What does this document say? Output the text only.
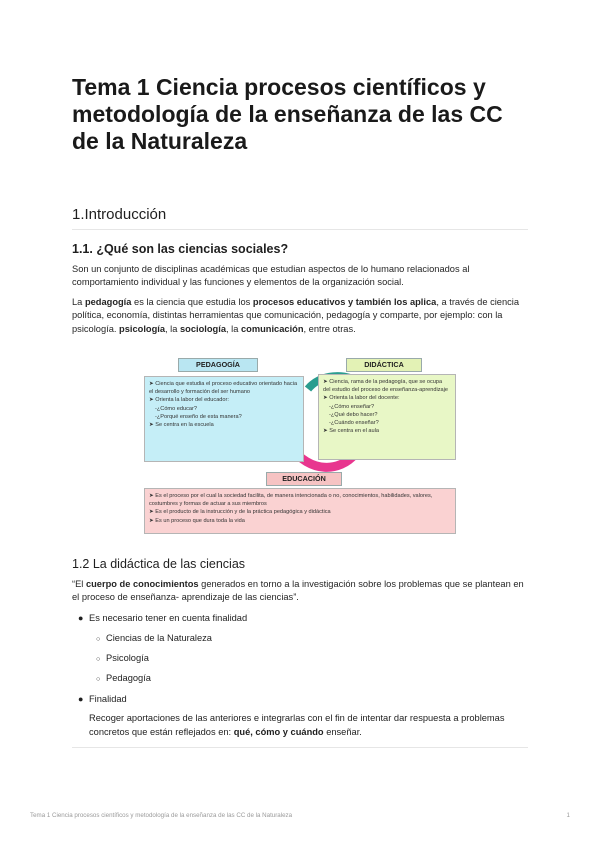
Tema 1 Ciencia procesos científicos y metodología de la enseñanza de las CC de la Naturaleza
1.Introducción
1.1. ¿Qué son las ciencias sociales?

Son un conjunto de disciplinas académicas que estudian aspectos de lo humano relacionados al comportamiento individual y las funciones y elementos de la organización social.

La pedagogía es la ciencia que estudia los procesos educativos y también los aplica, a través de ciencia política, economía, distintas herramientas que comunicación, pedagogía y comparte, por ejemplo: con la psicología. psicología, la sociología, la comunicación, entre otras.

PEDAGOGÍA
➤ Ciencia que estudia el proceso educativo orientado hacia el desarrollo y formación del ser humano
➤ Orienta la labor del educador:
-¿Cómo educar?
-¿Porqué enseño de esta manera?
➤ Se centra en la escuela
DIDÁCTICA
➤ Ciencia, rama de la pedagogía, que se ocupa del estudio del proceso de enseñanza-aprendizaje
➤ Orienta la labor del docente:
-¿Cómo enseñar?
-¿Qué debo hacer?
-¿Cuándo enseñar?
➤ Se centra en el aula
EDUCACIÓN
➤ Es el proceso por el cual la sociedad facilita, de manera intencionada o no, conocimientos, habilidades, valores, costumbres y formas de actuar a sus miembros
➤ Es el producto de la instrucción y de la práctica pedagógica y didáctica
➤ Es un proceso que dura toda la vida
1.2 La didáctica de las ciencias

“El cuerpo de conocimientos generados en torno a la investigación sobre los problemas que se plantean en el proceso de enseñanza- aprendizaje de las ciencias”.

● Es necesario tener en cuenta finalidad
○ Ciencias de la Naturaleza
○ Psicología
○ Pedagogía
● Finalidad
Recoger aportaciones de las anteriores e integrarlas con el fin de intentar dar respuesta a problemas concretos que están reflejados en: qué, cómo y cuándo enseñar.
Tema 1 Ciencia procesos científicos y metodología de la enseñanza de las CC de la Naturaleza	1
